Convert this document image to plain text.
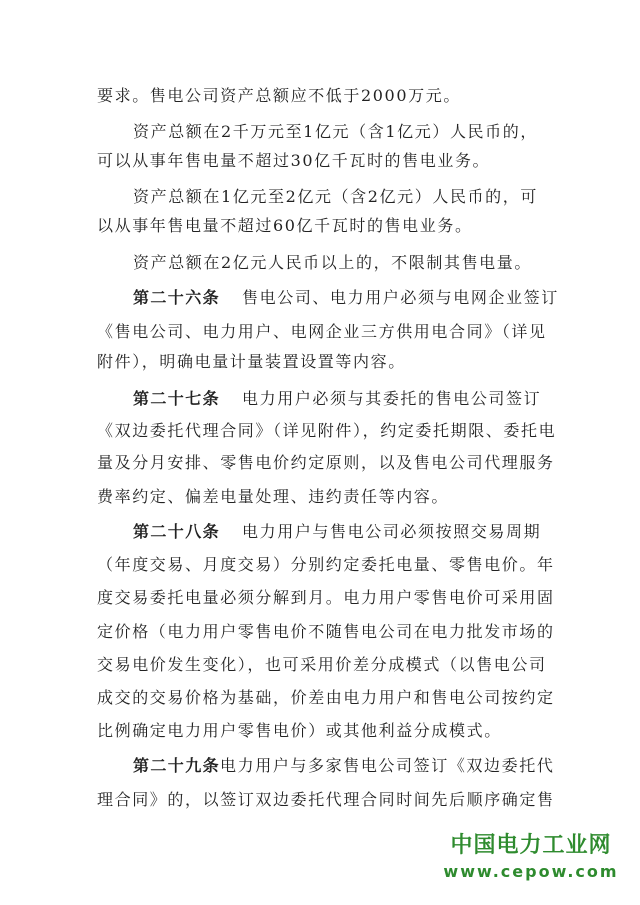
要求。售电公司资产总额应不低于2000万元。
资产总额在2千万元至1亿元（含1亿元）人民币的，
可以从事年售电量不超过30亿千瓦时的售电业务。
资产总额在1亿元至2亿元（含2亿元）人民币的，可
以从事年售电量不超过60亿千瓦时的售电业务。
资产总额在2亿元人民币以上的，不限制其售电量。
第二十六条 售电公司、电力用户必须与电网企业签订
《售电公司、电力用户、电网企业三方供用电合同》（详见
附件），明确电量计量装置设置等内容。
第二十七条 电力用户必须与其委托的售电公司签订
《双边委托代理合同》（详见附件），约定委托期限、委托电
量及分月安排、零售电价约定原则，以及售电公司代理服务
费率约定、偏差电量处理、违约责任等内容。
第二十八条 电力用户与售电公司必须按照交易周期
（年度交易、月度交易）分别约定委托电量、零售电价。年
度交易委托电量必须分解到月。电力用户零售电价可采用固
定价格（电力用户零售电价不随售电公司在电力批发市场的
交易电价发生变化），也可采用价差分成模式（以售电公司
成交的交易价格为基础，价差由电力用户和售电公司按约定
比例确定电力用户零售电价）或其他利益分成模式。
第二十九条电力用户与多家售电公司签订《双边委托代
理合同》的，以签订双边委托代理合同时间先后顺序确定售
中国电力工业网
www.cepow.com
